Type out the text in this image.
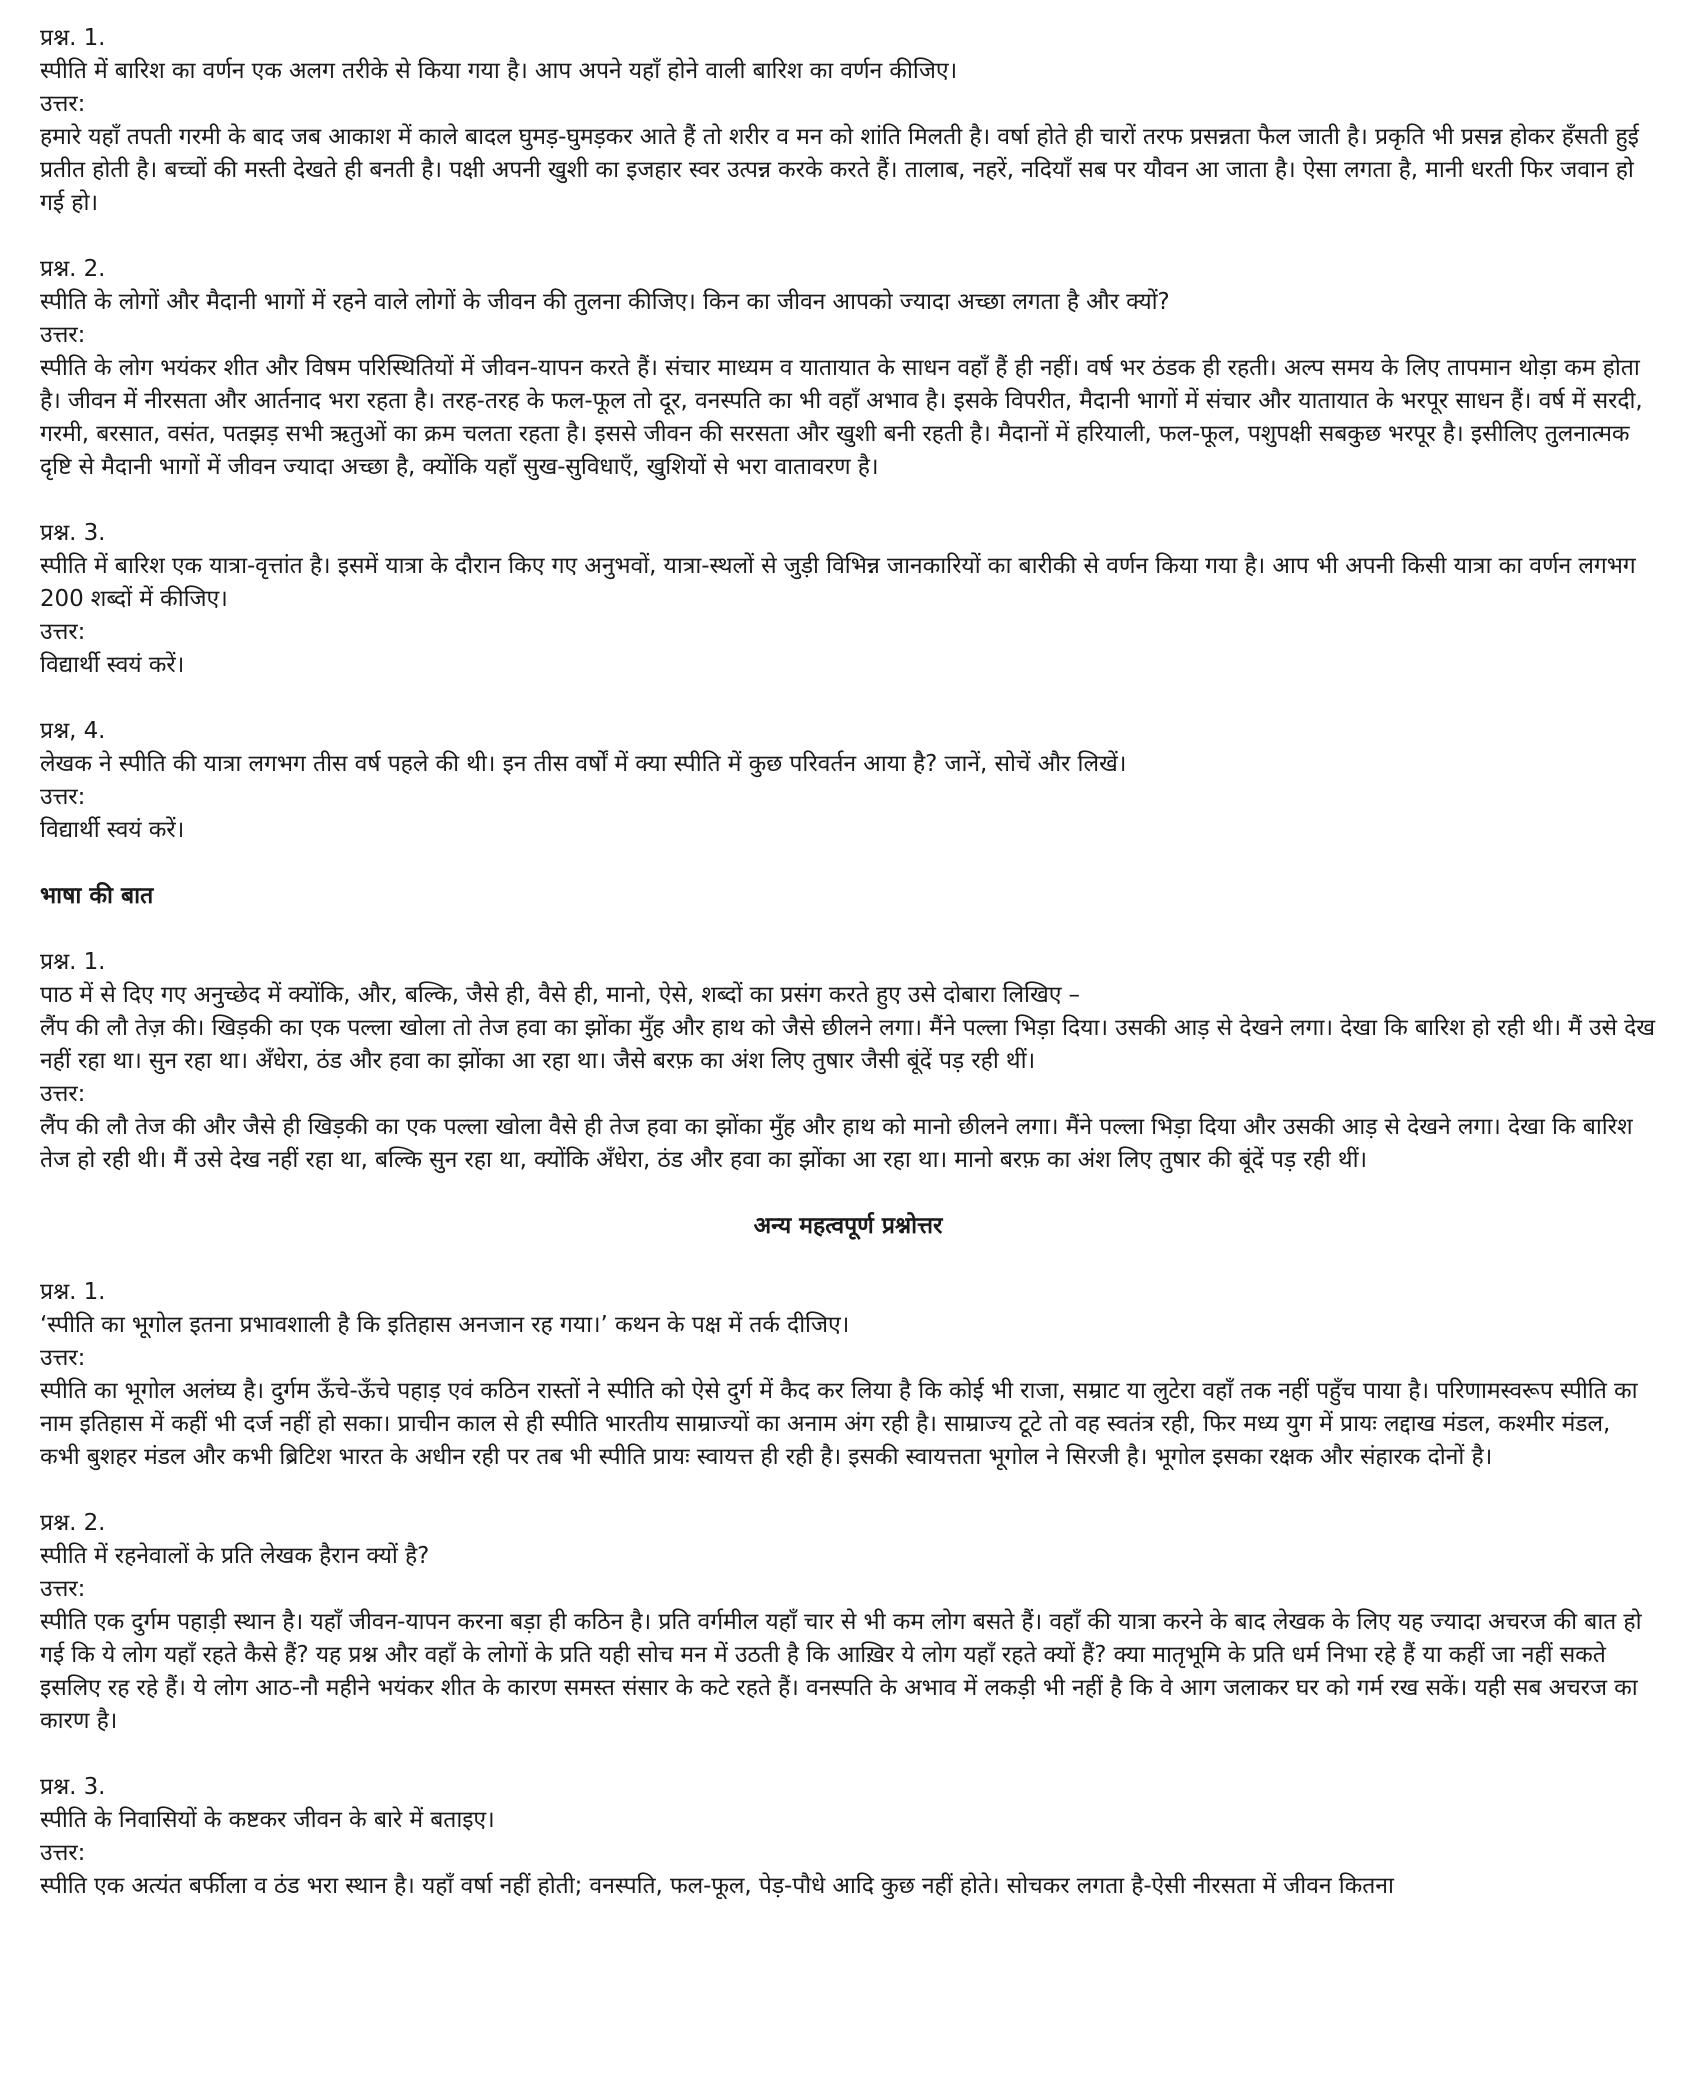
प्रश्न. 1.

स्पीति में बारिश का वर्णन एक अलग तरीके से किया गया है। आप अपने यहाँ होने वाली बारिश का वर्णन कीजिए।

उत्तर:

हमारे यहाँ तपती गरमी के बाद जब आकाश में काले बादल घुमड़-घुमड़कर आते हैं तो शरीर व मन को शांति मिलती है। वर्षा होते ही चारों तरफ प्रसन्नता फैल जाती है। प्रकृति भी प्रसन्न होकर हँसती हुई प्रतीत होती है। बच्चों की मस्ती देखते ही बनती है। पक्षी अपनी खुशी का इजहार स्वर उत्पन्न करके करते हैं। तालाब, नहरें, नदियाँ सब पर यौवन आ जाता है। ऐसा लगता है, मानी धरती फिर जवान हो गई हो।

प्रश्न. 2.

स्पीति के लोगों और मैदानी भागों में रहने वाले लोगों के जीवन की तुलना कीजिए। किन का जीवन आपको ज्यादा अच्छा लगता है और क्यों?

उत्तर:

स्पीति के लोग भयंकर शीत और विषम परिस्थितियों में जीवन-यापन करते हैं। संचार माध्यम व यातायात के साधन वहाँ हैं ही नहीं। वर्ष भर ठंडक ही रहती। अल्प समय के लिए तापमान थोड़ा कम होता है। जीवन में नीरसता और आर्तनाद भरा रहता है। तरह-तरह के फल-फूल तो दूर, वनस्पति का भी वहाँ अभाव है। इसके विपरीत, मैदानी भागों में संचार और यातायात के भरपूर साधन हैं। वर्ष में सरदी, गरमी, बरसात, वसंत, पतझड़ सभी ऋतुओं का क्रम चलता रहता है। इससे जीवन की सरसता और खुशी बनी रहती है। मैदानों में हरियाली, फल-फूल, पशुपक्षी सबकुछ भरपूर है। इसीलिए तुलनात्मक दृष्टि से मैदानी भागों में जीवन ज्यादा अच्छा है, क्योंकि यहाँ सुख-सुविधाएँ, खुशियों से भरा वातावरण है।

प्रश्न. 3.

स्पीति में बारिश एक यात्रा-वृत्तांत है। इसमें यात्रा के दौरान किए गए अनुभवों, यात्रा-स्थलों से जुड़ी विभिन्न जानकारियों का बारीकी से वर्णन किया गया है। आप भी अपनी किसी यात्रा का वर्णन लगभग 200 शब्दों में कीजिए।

उत्तर:

विद्यार्थी स्वयं करें।

प्रश्न, 4.

लेखक ने स्पीति की यात्रा लगभग तीस वर्ष पहले की थी। इन तीस वर्षों में क्या स्पीति में कुछ परिवर्तन आया है? जानें, सोचें और लिखें।

उत्तर:

विद्यार्थी स्वयं करें।

भाषा की बात

प्रश्न. 1.

पाठ में से दिए गए अनुच्छेद में क्योंकि, और, बल्कि, जैसे ही, वैसे ही, मानो, ऐसे, शब्दों का प्रसंग करते हुए उसे दोबारा लिखिए –

लैंप की लौ तेज़ की। खिड़की का एक पल्ला खोला तो तेज हवा का झोंका मुँह और हाथ को जैसे छीलने लगा। मैंने पल्ला भिड़ा दिया। उसकी आड़ से देखने लगा। देखा कि बारिश हो रही थी। मैं उसे देख नहीं रहा था। सुन रहा था। अँधेरा, ठंड और हवा का झोंका आ रहा था। जैसे बरफ़ का अंश लिए तुषार जैसी बूंदें पड़ रही थीं।

उत्तर:

लैंप की लौ तेज की और जैसे ही खिड़की का एक पल्ला खोला वैसे ही तेज हवा का झोंका मुँह और हाथ को मानो छीलने लगा। मैंने पल्ला भिड़ा दिया और उसकी आड़ से देखने लगा। देखा कि बारिश तेज हो रही थी। मैं उसे देख नहीं रहा था, बल्कि सुन रहा था, क्योंकि अँधेरा, ठंड और हवा का झोंका आ रहा था। मानो बरफ़ का अंश लिए तुषार की बूंदें पड़ रही थीं।

अन्य महत्वपूर्ण प्रश्नोत्तर

प्रश्न. 1.

‘स्पीति का भूगोल इतना प्रभावशाली है कि इतिहास अनजान रह गया।’ कथन के पक्ष में तर्क दीजिए।

उत्तर:

स्पीति का भूगोल अलंघ्य है। दुर्गम ऊँचे-ऊँचे पहाड़ एवं कठिन रास्तों ने स्पीति को ऐसे दुर्ग में कैद कर लिया है कि कोई भी राजा, सम्राट या लुटेरा वहाँ तक नहीं पहुँच पाया है। परिणामस्वरूप स्पीति का नाम इतिहास में कहीं भी दर्ज नहीं हो सका। प्राचीन काल से ही स्पीति भारतीय साम्राज्यों का अनाम अंग रही है। साम्राज्य टूटे तो वह स्वतंत्र रही, फिर मध्य युग में प्रायः लद्दाख मंडल, कश्मीर मंडल, कभी बुशहर मंडल और कभी ब्रिटिश भारत के अधीन रही पर तब भी स्पीति प्रायः स्वायत्त ही रही है। इसकी स्वायत्तता भूगोल ने सिरजी है। भूगोल इसका रक्षक और संहारक दोनों है।

प्रश्न. 2.

स्पीति में रहनेवालों के प्रति लेखक हैरान क्यों है?

उत्तर:

स्पीति एक दुर्गम पहाड़ी स्थान है। यहाँ जीवन-यापन करना बड़ा ही कठिन है। प्रति वर्गमील यहाँ चार से भी कम लोग बसते हैं। वहाँ की यात्रा करने के बाद लेखक के लिए यह ज्यादा अचरज की बात हो गई कि ये लोग यहाँ रहते कैसे हैं? यह प्रश्न और वहाँ के लोगों के प्रति यही सोच मन में उठती है कि आख़िर ये लोग यहाँ रहते क्यों हैं? क्या मातृभूमि के प्रति धर्म निभा रहे हैं या कहीं जा नहीं सकते इसलिए रह रहे हैं। ये लोग आठ-नौ महीने भयंकर शीत के कारण समस्त संसार के कटे रहते हैं। वनस्पति के अभाव में लकड़ी भी नहीं है कि वे आग जलाकर घर को गर्म रख सकें। यही सब अचरज का कारण है।

प्रश्न. 3.

स्पीति के निवासियों के कष्टकर जीवन के बारे में बताइए।

उत्तर:

स्पीति एक अत्यंत बर्फीला व ठंड भरा स्थान है। यहाँ वर्षा नहीं होती; वनस्पति, फल-फूल, पेड़-पौधे आदि कुछ नहीं होते। सोचकर लगता है-ऐसी नीरसता में जीवन कितना
